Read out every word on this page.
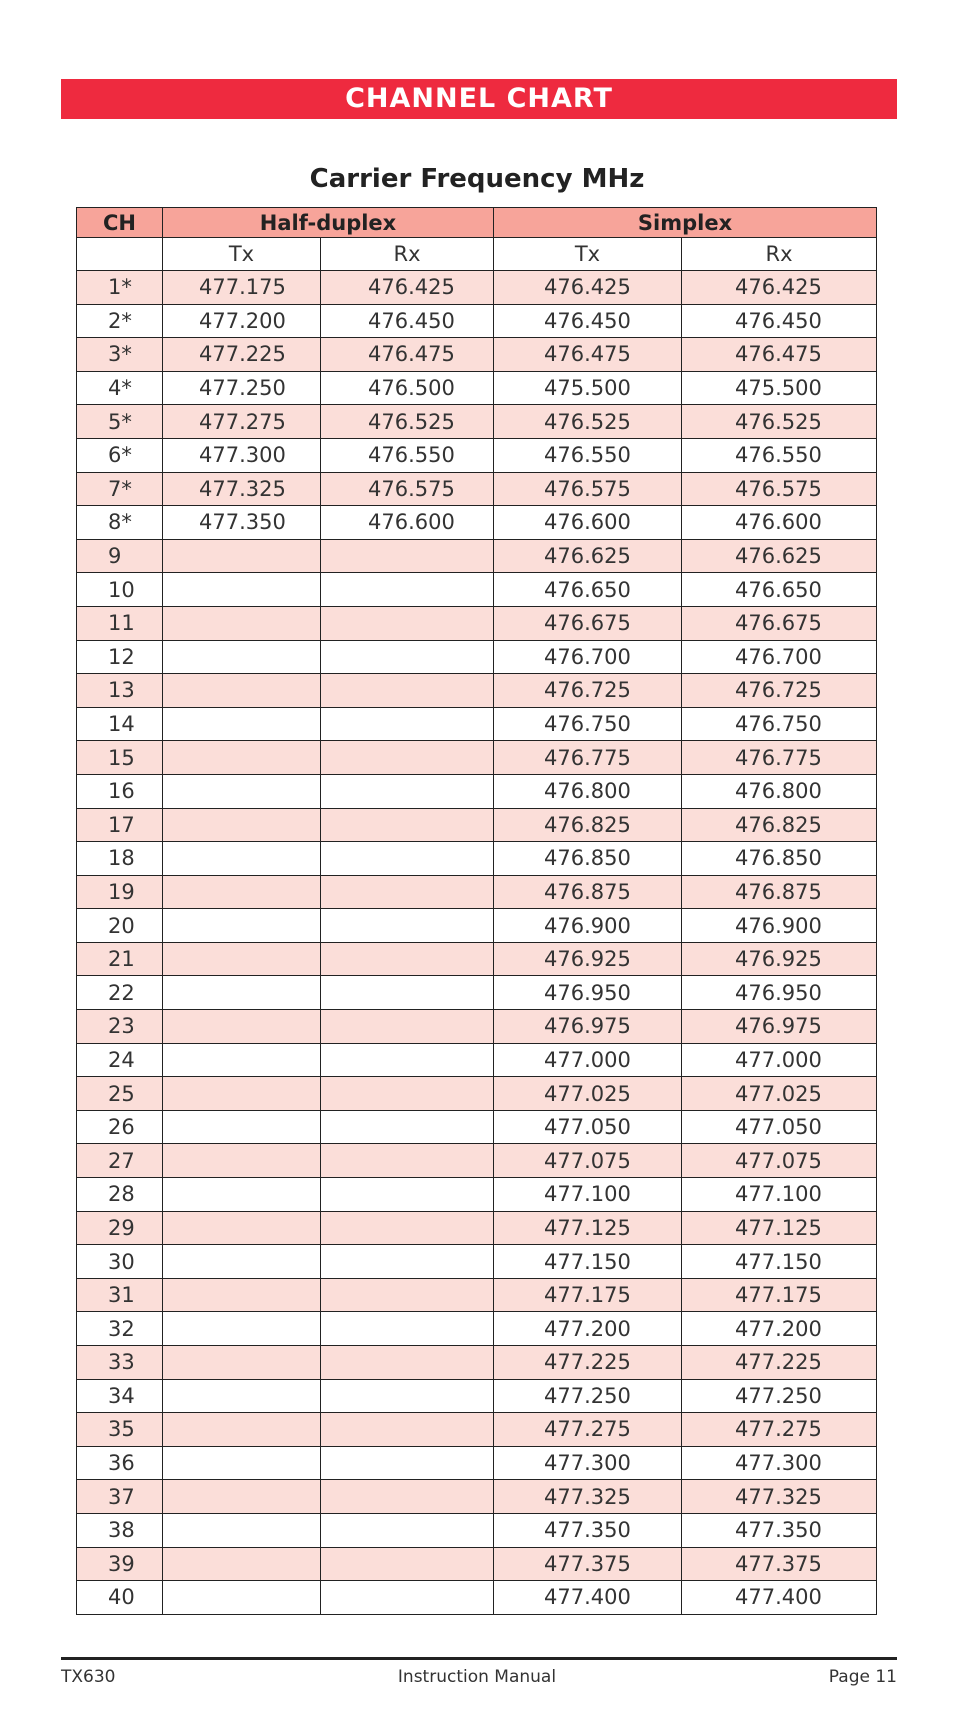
CHANNEL CHART
Carrier Frequency MHz
CH	Half-duplex		Simplex	
	Tx	Rx	Tx	Rx
1*	477.175	476.425	476.425	476.425
2*	477.200	476.450	476.450	476.450
3*	477.225	476.475	476.475	476.475
4*	477.250	476.500	475.500	475.500
5*	477.275	476.525	476.525	476.525
6*	477.300	476.550	476.550	476.550
7*	477.325	476.575	476.575	476.575
8*	477.350	476.600	476.600	476.600
9			476.625	476.625
10			476.650	476.650
11			476.675	476.675
12			476.700	476.700
13			476.725	476.725
14			476.750	476.750
15			476.775	476.775
16			476.800	476.800
17			476.825	476.825
18			476.850	476.850
19			476.875	476.875
20			476.900	476.900
21			476.925	476.925
22			476.950	476.950
23			476.975	476.975
24			477.000	477.000
25			477.025	477.025
26			477.050	477.050
27			477.075	477.075
28			477.100	477.100
29			477.125	477.125
30			477.150	477.150
31			477.175	477.175
32			477.200	477.200
33			477.225	477.225
34			477.250	477.250
35			477.275	477.275
36			477.300	477.300
37			477.325	477.325
38			477.350	477.350
39			477.375	477.375
40			477.400	477.400
TX630	Instruction Manual	Page 11
